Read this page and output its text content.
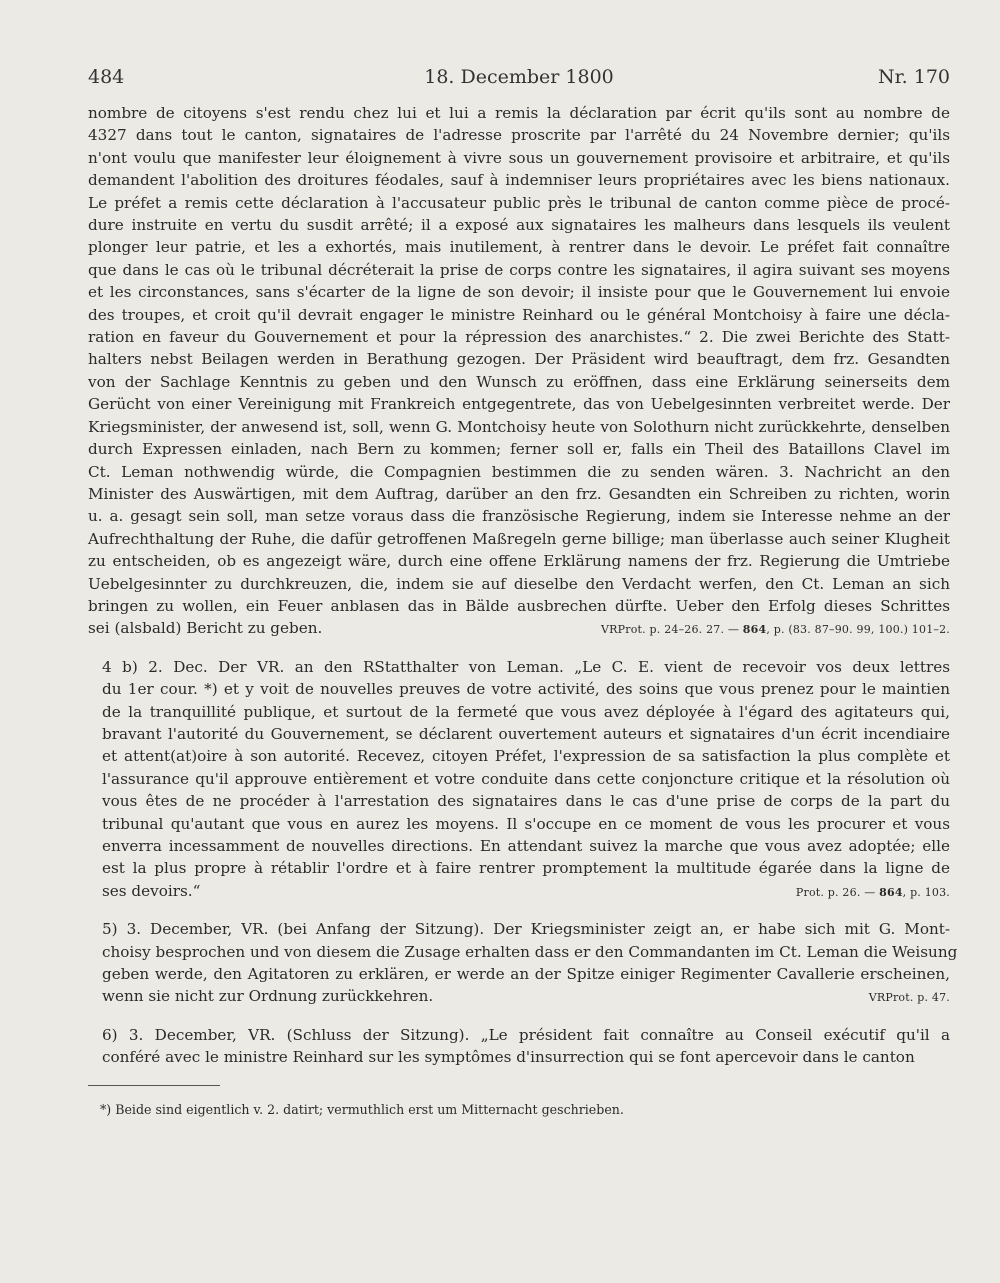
484	18. December 1800	Nr. 170

nombre de citoyens s'est rendu chez lui et lui a remis la déclaration par écrit qu'ils sont au nombre de
4327 dans tout le canton, signataires de l'adresse proscrite par l'arrêté du 24 Novembre dernier; qu'ils
n'ont voulu que manifester leur éloignement à vivre sous un gouvernement provisoire et arbitraire, et qu'ils
demandent l'abolition des droitures féodales, sauf à indemniser leurs propriétaires avec les biens nationaux.
Le préfet a remis cette déclaration à l'accusateur public près le tribunal de canton comme pièce de procé-
dure instruite en vertu du susdit arrêté; il a exposé aux signataires les malheurs dans lesquels ils veulent
plonger leur patrie, et les a exhortés, mais inutilement, à rentrer dans le devoir. Le préfet fait connaître
que dans le cas où le tribunal décréterait la prise de corps contre les signataires, il agira suivant ses moyens
et les circonstances, sans s'écarter de la ligne de son devoir; il insiste pour que le Gouvernement lui envoie
des troupes, et croit qu'il devrait engager le ministre Reinhard ou le général Montchoisy à faire une décla-
ration en faveur du Gouvernement et pour la répression des anarchistes.“ 2. Die zwei Berichte des Statt-
halters nebst Beilagen werden in Berathung gezogen. Der Präsident wird beauftragt, dem frz. Gesandten
von der Sachlage Kenntnis zu geben und den Wunsch zu eröffnen, dass eine Erklärung seinerseits dem
Gerücht von einer Vereinigung mit Frankreich entgegentrete, das von Uebelgesinnten verbreitet werde. Der
Kriegsminister, der anwesend ist, soll, wenn G. Montchoisy heute von Solothurn nicht zurückkehrte, denselben
durch Expressen einladen, nach Bern zu kommen; ferner soll er, falls ein Theil des Bataillons Clavel im
Ct. Leman nothwendig würde, die Compagnien bestimmen die zu senden wären. 3. Nachricht an den
Minister des Auswärtigen, mit dem Auftrag, darüber an den frz. Gesandten ein Schreiben zu richten, worin
u. a. gesagt sein soll, man setze voraus dass die französische Regierung, indem sie Interesse nehme an der
Aufrechthaltung der Ruhe, die dafür getroffenen Maßregeln gerne billige; man überlasse auch seiner Klugheit
zu entscheiden, ob es angezeigt wäre, durch eine offene Erklärung namens der frz. Regierung die Umtriebe
Uebelgesinnter zu durchkreuzen, die, indem sie auf dieselbe den Verdacht werfen, den Ct. Leman an sich
bringen zu wollen, ein Feuer anblasen das in Bälde ausbrechen dürfte. Ueber den Erfolg dieses Schrittes
sei (alsbald) Bericht zu geben.	VRProt. p. 24–26. 27. — 864, p. (83. 87–90. 99, 100.) 101–2.

4 b) 2. Dec. Der VR. an den RStatthalter von Leman. „Le C. E. vient de recevoir vos deux lettres
du 1er cour. *) et y voit de nouvelles preuves de votre activité, des soins que vous prenez pour le maintien
de la tranquillité publique, et surtout de la fermeté que vous avez déployée à l'égard des agitateurs qui,
bravant l'autorité du Gouvernement, se déclarent ouvertement auteurs et signataires d'un écrit incendiaire
et attent(at)oire à son autorité. Recevez, citoyen Préfet, l'expression de sa satisfaction la plus complète et
l'assurance qu'il approuve entièrement et votre conduite dans cette conjoncture critique et la résolution où
vous êtes de ne procéder à l'arrestation des signataires dans le cas d'une prise de corps de la part du
tribunal qu'autant que vous en aurez les moyens. Il s'occupe en ce moment de vous les procurer et vous
enverra incessamment de nouvelles directions. En attendant suivez la marche que vous avez adoptée; elle
est la plus propre à rétablir l'ordre et à faire rentrer promptement la multitude égarée dans la ligne de
ses devoirs.“	Prot. p. 26. — 864, p. 103.

5) 3. December, VR. (bei Anfang der Sitzung). Der Kriegsminister zeigt an, er habe sich mit G. Mont-
choisy besprochen und von diesem die Zusage erhalten dass er den Commandanten im Ct. Leman die Weisung
geben werde, den Agitatoren zu erklären, er werde an der Spitze einiger Regimenter Cavallerie erscheinen,
wenn sie nicht zur Ordnung zurückkehren.	VRProt. p. 47.

6) 3. December, VR. (Schluss der Sitzung). „Le président fait connaître au Conseil exécutif qu'il a
conféré avec le ministre Reinhard sur les symptômes d'insurrection qui se font apercevoir dans le canton

*) Beide sind eigentlich v. 2. datirt; vermuthlich erst um Mitternacht geschrieben.
